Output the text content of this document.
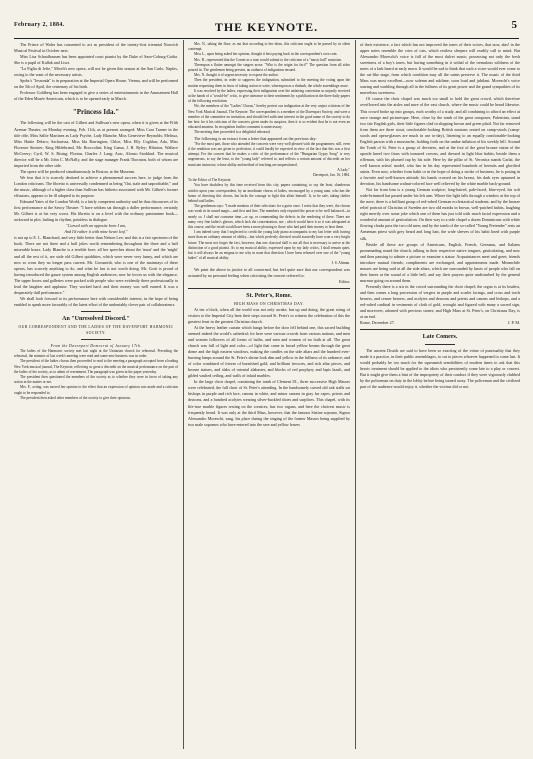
February 2, 1884.	THE KEYNOTE.	5

The Prince of Wales has consented to act as president of the twenty-first triennial Norwich Musical Festival in October next.

Miss Lisa Schaufhausen has been appointed court pianist by the Duke of Saxe-Coburg-Gotha. She is a pupil of Kullak and Liszt.

"La Figlia di Jefte," Miceli's new opera, will not be given this season at the San Carlo, Naples, owing to the want of the necessary artists.

Spohr's "Jessonda" is in preparation at the Imperial Opera House, Vienna, and will be performed on the 5th of April, the centenary of his birth.

Professor Goldberg has been engaged to give a series of entertainments in the Amusement Hall of the Eden Musée Americain, which is to be opened early in March.

"Princess Ida."

The following will be the cast of Gilbert and Sullivan's new opera, when it is given at the Fifth Avenue Theater, on Monday evening, Feb. 11th, as at present arranged: Miss Cora Tanner in the title rôle, Miss Sallie Martinez as Lady Psyche, Lady Blanche, Miss Genevieve Reynolds; Melissa, Miss Hattie Delaro; Sacharissa, Miss Ida Barrington; Chloe, Miss Elly Coghlan; Ada, Miss Florence Sinister; King Hildebrand, Mr. Broccolini; King Gama, J. H. Ryley; Hilarion, Wallace McCreery; Cyril, W. S. Rising; Florian, Charles J. Lang; Arac, Alonzo Stoddard. The musical director will be a Mr. John C. McNally, and the stage manager Frank Thornton, both of whom are imported from the other side.

The opera will be produced simultaneously in Boston, at the Museum.

We fear that it is scarcely destined to achieve a phenomenal success here, to judge from the London criticisms. The libretto is universally condemned as being "flat, stale and unprofitable," and the music, although of a higher class than Sullivan has hitherto associated with Mr. Gilbert's former effusions, appears to be ill adapted to its purpose.

Edmund Yates of the London World, is a fairly competent authority and he thus discourses of its first performance at the Savoy Theatre: "I have seldom sat through a duller performance, certainly Mr. Gilbert is at his very worst. His libretto is on a level with the ordinary pantomime book—awkward in plot, halting in rhythm, pointless in dialogue.

"Cursed with an opposite born I am,

And I'd rather it with mine heart leaf."

is not up to E. L. Blanchard, and very little better than Nelson Lee; and this is a fair specimen of the book. There are not three and a half jokes worth remembering throughout the three and a half miserable hours. Lady Blanche is a terrible bore; all her speeches about the 'must' and the 'might' and all the rest of it, are stale old Gilbert quiddities, which were never very funny, and which are now so worn they no longer pass current. Mr. Grossmith, who is one of the mainstays of these operas, has scarcely anything to do, and what he has is not worth doing. Mr. Gorit is proud of having introduced the gauze system among English audiences; now he forces us with the elegance. The upper boxes and galleries were packed with people who were evidently there professionally to lead the laughter and applause. They worked hard, and their money was well earned. It was a desperately dull performance."

We shall look forward to its performance here with considerable interest, in the hope of being enabled to speak more favorably of the latest effort of the undeniably clever pair of collaborateurs.

An "Unresolved Discord."

OUR CORRESPONDENT AND THE LADIES OF THE DAVENPORT HARMONIC SOCIETY.

From the Davenport Democrat of January 17th.

The ladies of the Harmonic society met last night at the Unitarian church for rehearsal. Preceding the rehearsal, the minutes of last week's meeting were read and some new business was in order.

The president of the ladies chorus then proceeded to read to the meeting a paragraph accepted from a leading New York musical journal, The Keynote, reflecting so great a discredit on the musical performance on the part of the ladies of the society, as to admit of resentment. The paragraph was given in the paper yesterday.

The president then questioned the members of the society as to whether they were in favor of taking any action in the matter or not.

Mrs. F., acting, was moved her opinion to the effect that an expression of opinion was made and a criticism ought to be responded to.

The president then asked other members of the society to give their opinions.

Mrs. N., taking the floor, as out that according to her ideas, this criticism ought to be passed by in silent contempt.

Miss L., upon being asked her opinion, thought it best paying back in the correspondent's own coin.

Mrs. R., represented that the Cornet as a tone would submit to the criticism of a "music hall" musician.

Thereupon a flutter amongst the singers arose. "Who is the origin for fact?" The question from all sides poured in. The gentlemen being present, an outburst of indignation ensued.

Mrs. N. thought it of urgent necessity to expose the author.

Then the president, in order to suppress the indignation, submitted to the meeting the voting upon the motion requesting them in favor of taking action to write, whereupon as a rhubarb, the whole assemblage arose.

It was resolved by the ladies, expressing their indignation over the unfairing contention so unjustly received at the hands of a "would-be" critic, to give utterance to their sentiments by a publication in the three daily papers of the following resolution:

We, the members of the "Ladies' Chorus," hereby protest our indignation at the very unjust criticism of the New York Musical Journal, The Keynote. The correspondent is a member of the Davenport Society, and were a member of the committee on invitation, and should feel sufficient interest in the good name of the society to do her best for it his criticism of the concerts given under its auspices, then it is so evident that he is not even an educated amateur. In recognition further comment is unnecessary.

The meeting then proceeded to a delightful rehearsal.

The following is an extract from a letter that appeared on the previous day:

"For the most part, those who attended the concerts were very well pleased with the programmes; still, even if the rendition was not given to perfection, it could hardly be expected in view of the fact that this was a first attempt. For the concert that he makes a critic of the performance of the "Hungarian Gypsy Song" is very ungenerous, to say the least, to the "young lady" referred to, and reflects a certain amount of discredit on her musician instructor, whose ability and method of teaching are unquestioned.

A Lady."

Davenport, Jan. 16, 1884.

To the Editor of The Keynote.

You have doubtless by this time received from this city, papers containing, to say the least, slanderous articles upon your correspondent, by an inordinate chorus of ladies, encouraged by a young man, who has the honor of directing this chorus, but lacks the courage to fight this affair himself. It, to be safe, taking shelter behind said ladies.

The gentleman says: "I made mention of their selections for a guise once. I resist that they were, the chorus was weak in its sound magic—and first and fine. The members only required the power to be well balanced—in nearly so. I shall not consume time—or up, or commending the defects in the rendering of these. There are many very fine ladies's glasses, which lack the concentration, nor ; which would have it so it was adequated at this course, and the result would have been a more pleasing to those who had paid their money to hear them.

I am indeed sorry that I neglected to credit the young lady piano accompanist to my last letter with having more than an ordinary amount of ability—but which perfectly directed would assuredly have won a very bright future. The most not forget the fact, however, that one classical skill is not all that is necessary to arrive at the distinction of a good pianist. As to my musical ability, expressed upon by my lady critics, I shall remain quiet, but it will always be an enigma to me why in none that direction I have been released over one of the "young ladies" of all musical ability.

J. S. Altman.

We print the above in justice to all concerned, but feel quite sure that our correspondent was actuated by no personal feeling when criticising the concert referred to.

Editor.

St. Peter's, Rome.

HIGH MASS ON CHRISTMAS DAY.

At ten o'clock, when all the world was not only awake, but up and doing, the great string of visitors to the Imperial City bent their steps toward St. Peter's to witness the celebration of this the greatest feast in the greatest Christian church.

At the heavy leather curtain which hangs before the door fell behind one, this sacred building seemed indeed the world's cathedral; for here were various crowds from various nations, and men and women followers of all forms of faiths, and men and women of no faith at all. The great church was full of light and color—of light that came in broad yellow beams through the great dome and the high eastern windows, making the candles on the side altars and the hundred ever-burning lamps around the St. Peter's shrine look dim and yellow in the fullness of its radiance; and of color combined of friezes of burnished gold, and brilliant frescoes, and rich altar pieces, and bronze statues, and slabs of oriental alabaster, and blocks of red porphyry and lapis lazuli, and gilded vaulted ceiling, and walls of inlaid marbles.

In the large choir chapel, containing the tomb of Clement IX., three successive High Masses were celebrated, the full choir of St. Peter's attending. In the handsomely carved old oak stalls sat bishops in purple and rich lace, canons in white, and minor canons in gray fur capes, priests and deacons, and a hundred acolytes wearing silver-buckled shoes and surplices. This chapel, with its life-size marble figures resting on the cornices, has two organs, and here the choicest music is frequently heard. It was only at the third Mass, however, that the famous Sistine soprano, Signor Alessandro Moreschi, sang, his place during the singing of the former Masses being supplied by two male sopranos who have entered into the sere and yellow leaves

of their existence, a fact which has not improved the tones of their voices, that now, alas! in the upper notes resemble the cries of cats, which restless sleepers will readily call to mind. But Alessandro Moreschi's voice is full of the most dulcet music, possessing not only the fresh sweetness of a boy's tones, but having something in it withal of the tremulous wildness of the notes of a lark heard at early morn. It would be sad to think that such a voice would ever come to the cat-like stage, from which condition may all the saints preserve it. The music of the third Mass was most excellent—now solemn and sublime, soon loud and jubilant. Moreschi's voice soaring and warbling through all in the fullness of its great power and the grand sympathies of its marvelous sweetness.

Of course the choir chapel was much too small to hold the great crowd, which therefore overflowed into the aisles and nave of the vast church, where the music could be heard likewise. This crowd broke up into groups, each worthy of a study, and all combining to afford an effect at once strange and picturesque. Here, close by the tomb of the great composer, Palestrina, stand two fair English girls, their little figures clad in shipping brown and green plaid. Not far removed from them are three stout, comfortable-looking British matrons seated on camp-stools (camp-stools and opera-glasses are much in use to-day), listening to an equally comfortable-looking English parson with a moustache, holding forth on the undue inflation of his weekly bill. Around the Tomb of St. Peter is a group of devotees, and at the foot of the great bronze statue of the apostle kneel two friars with tonsured crowns, and dressed in light blue habits; beside them a rifleman, with his plumed cap by his side. Here by the pillar of St. Veronica stands Carlai, the well known artists' model, who has in his day represented hundreds of hermits and glorified saints. Even now, whether from habit or in the hope of doing a stroke of business, he is posing in a favorite and well-known attitude, his hands crossed on his breast, his dark eyes upturned in devotion, his handsome walnut-colored face well relieved by the white marble back-ground.

Not far from him is a young German sculptor; long-haired, pale-faced, blue-eyed, his soft wide-brimmed hat passed under his left arm. Where the light falls through a window at the top of the nave, there is a brilliant group of red-robed German ecclesiastical students; and by the bronze relief portrait of Christina of Sweden are two old monks in brown, well-patched habits, laughing right merrily over some joke which one of them has just told with much facial expression and a wonderful amount of gesticulation. On their way to a side chapel a dozen Dominicans with white flowing cloaks pass the two old men; and by the tomb of the so-called "Young Pretender" rests an Armenian priest with grey beard and long hair, the wide sleeves of his habit lined with purple silk.

Beside all these are groups of Americans, English, French, Germans, and Italians promenading round the church, talking in their respective native tongues, gesticulating, and now and then pausing to admire a picture or examine a statue. Acquaintances meet and greet; friends introduce mutual friends; compliments are exchanged, and appointments made. Meanwhile masses are being said at all the side altars, which are surrounded by knots of people who fall on their knees at the sound of a little bell, and say their prayers quite undisturbed by the general murmur going on around them.

Presently there is a stir in the crowd surrounding the choir chapel; the organ is at its loudest, and then comes a long procession of vergers in purple and scarlet facings, and cross and torch bearers, and censer bearers, and acolytes and deacons and priests and canons and bishops, and a red-robed cardinal in vestments of cloth of gold, wrought and figured with many a sacred sign, and moreover, adorned with precious stones; and High Mass at St. Peter's, on Christmas Day, is at an end.

Rome, December 27.	J. P. M.

Late Comers.

The ancient Druids are said to have been so exacting of the virtue of punctuality that they made it a practice, in their public assemblages, to cut to pieces whoever happened to come last. It would probably be too much for the squeamish sensibilities of modern times to ask that this heroic treatment should be applied to the idiots who persistently come late to a play or concert. But it might give them a hint of the impropriety of their conduct if they were vigorously clubbed by the policeman on duty in the lobby before being turned away. The policeman and the civilized part of the audience would enjoy it, whether the victims did or not.
